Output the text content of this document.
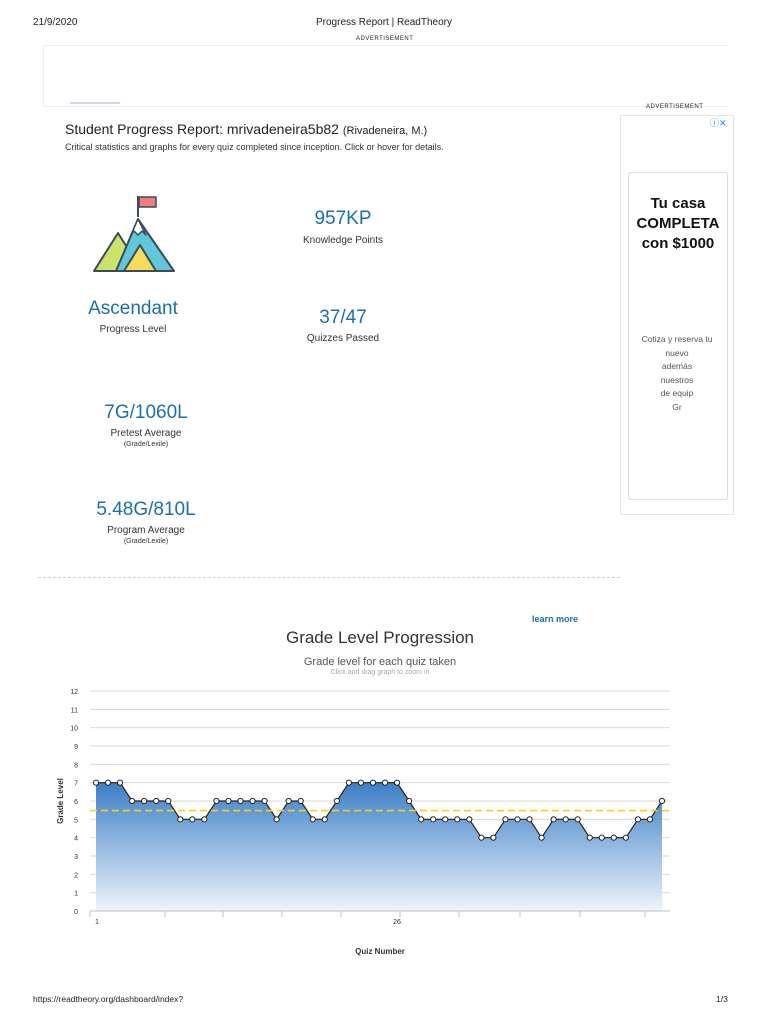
21/9/2020	Progress Report | ReadTheory
ADVERTISEMENT
Student Progress Report: mrivadeneira5b82 (Rivadeneira, M.)
Critical statistics and graphs for every quiz completed since inception. Click or hover for details.
957KP
Knowledge Points
Ascendant
Progress Level
37/47
Quizzes Passed
7G/1060L
Pretest Average
(Grade/Lexile)
5.48G/810L
Program Average
(Grade/Lexile)
ADVERTISEMENT
ⓘ✕
Tu casa
COMPLETA
con $1000
Cotiza y reserva tu
nuevo
además
nuestros
de equip
Gr
learn more
Grade Level Progression
Grade level for each quiz taken
Click and drag graph to zoom in
0
1
2
3
4
5
6
7
8
9
10
11
12
1	26
Grade Level
Quiz Number
https://readtheory.org/dashboard/index?	1/3
